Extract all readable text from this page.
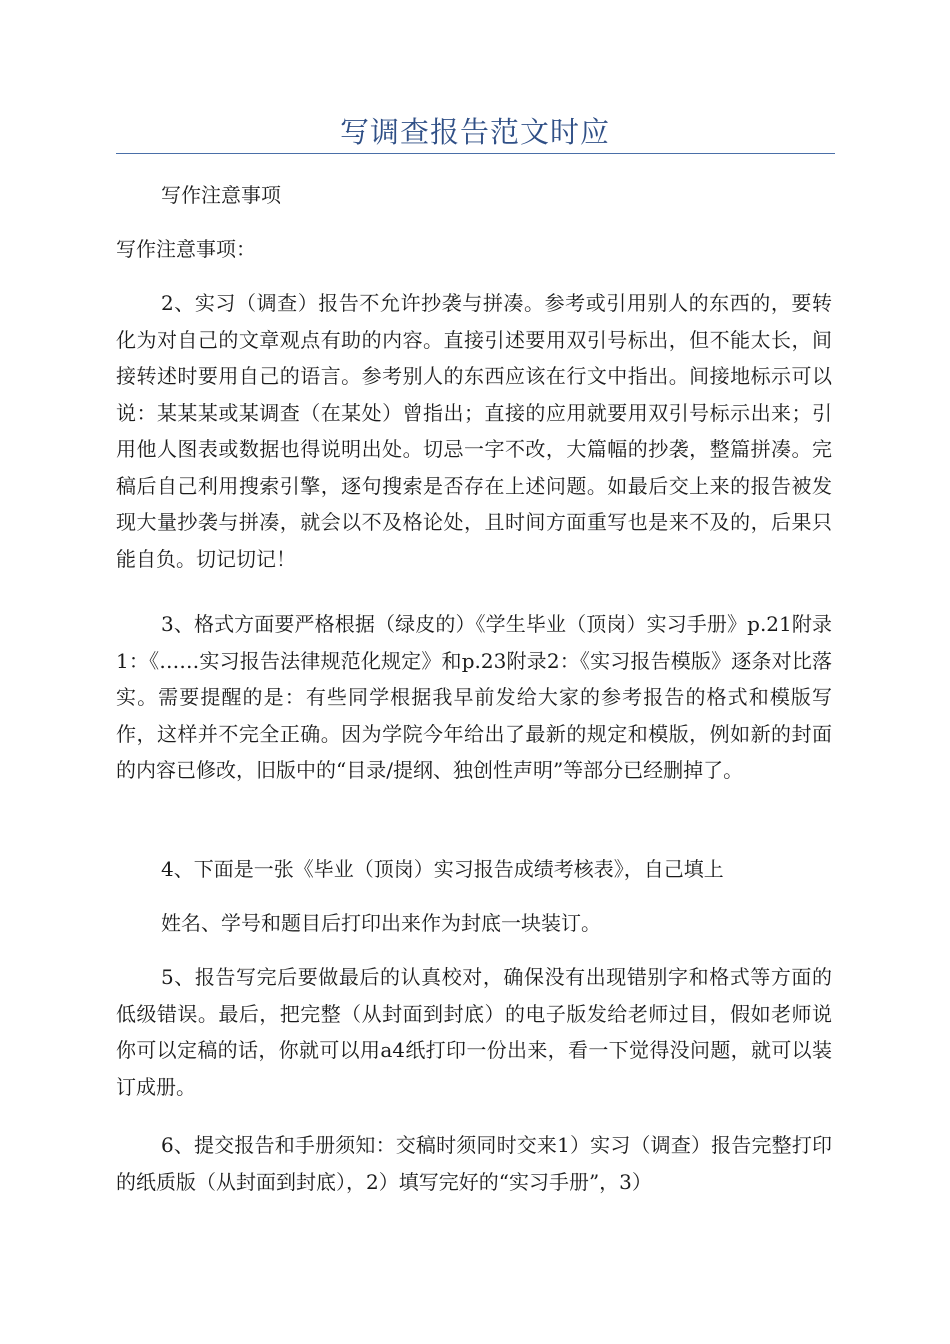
写调查报告范文时应

写作注意事项

写作注意事项：

2、实习（调查）报告不允许抄袭与拼凑。参考或引用别人的东西的，要转化为对自己的文章观点有助的内容。直接引述要用双引号标出，但不能太长，间接转述时要用自己的语言。参考别人的东西应该在行文中指出。间接地标示可以说：某某某或某调查（在某处）曾指出；直接的应用就要用双引号标示出来；引用他人图表或数据也得说明出处。切忌一字不改，大篇幅的抄袭，整篇拼凑。完稿后自己利用搜索引擎，逐句搜索是否存在上述问题。如最后交上来的报告被发现大量抄袭与拼凑，就会以不及格论处，且时间方面重写也是来不及的，后果只能自负。切记切记！

3、格式方面要严格根据（绿皮的）《学生毕业（顶岗）实习手册》p.21附录1：《……实习报告法律规范化规定》和p.23附录2：《实习报告模版》逐条对比落实。需要提醒的是：有些同学根据我早前发给大家的参考报告的格式和模版写作，这样并不完全正确。因为学院今年给出了最新的规定和模版，例如新的封面的内容已修改，旧版中的“目录/提纲、独创性声明”等部分已经删掉了。

4、下面是一张《毕业（顶岗）实习报告成绩考核表》，自己填上

姓名、学号和题目后打印出来作为封底一块装订。

5、报告写完后要做最后的认真校对，确保没有出现错别字和格式等方面的低级错误。最后，把完整（从封面到封底）的电子版发给老师过目，假如老师说你可以定稿的话，你就可以用a4纸打印一份出来，看一下觉得没问题，就可以装订成册。

6、提交报告和手册须知：交稿时须同时交来1）实习（调查）报告完整打印的纸质版（从封面到封底），2）填写完好的“实习手册”，3）
